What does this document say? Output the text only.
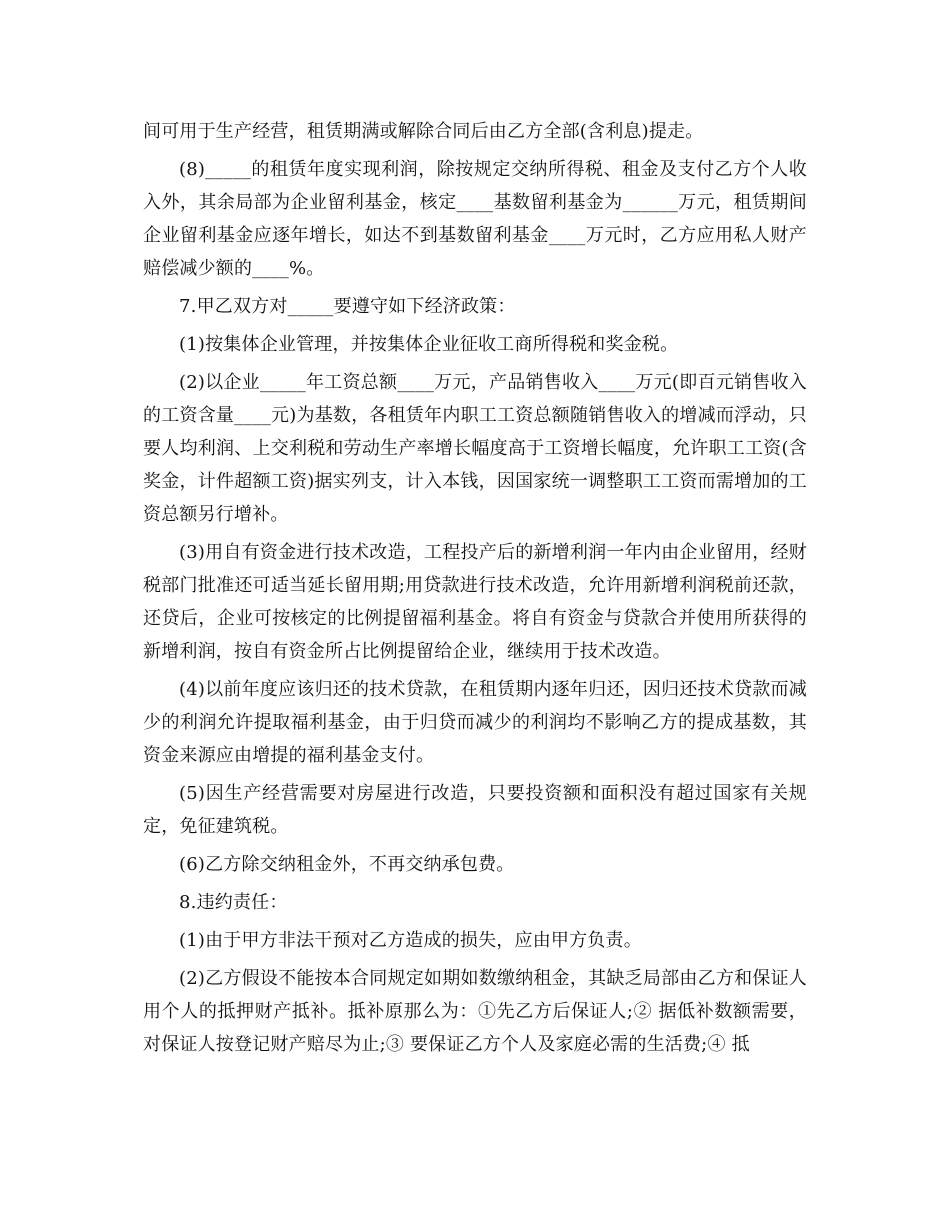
间可用于生产经营，租赁期满或解除合同后由乙方全部(含利息)提走。

(8)_____的租赁年度实现利润，除按规定交纳所得税、租金及支付乙方个人收入外，其余局部为企业留利基金，核定____基数留利基金为______万元，租赁期间企业留利基金应逐年增长，如达不到基数留利基金____万元时，乙方应用私人财产赔偿减少额的____%。

7.甲乙双方对_____要遵守如下经济政策：

(1)按集体企业管理，并按集体企业征收工商所得税和奖金税。

(2)以企业_____年工资总额____万元，产品销售收入____万元(即百元销售收入的工资含量____元)为基数，各租赁年内职工工资总额随销售收入的增减而浮动，只要人均利润、上交利税和劳动生产率增长幅度高于工资增长幅度，允许职工工资(含奖金，计件超额工资)据实列支，计入本钱，因国家统一调整职工工资而需增加的工资总额另行增补。

(3)用自有资金进行技术改造，工程投产后的新增利润一年内由企业留用，经财税部门批准还可适当延长留用期;用贷款进行技术改造，允许用新增利润税前还款，还贷后，企业可按核定的比例提留福利基金。将自有资金与贷款合并使用所获得的新增利润，按自有资金所占比例提留给企业，继续用于技术改造。

(4)以前年度应该归还的技术贷款，在租赁期内逐年归还，因归还技术贷款而减少的利润允许提取福利基金，由于归贷而减少的利润均不影响乙方的提成基数，其资金来源应由增提的福利基金支付。

(5)因生产经营需要对房屋进行改造，只要投资额和面积没有超过国家有关规定，免征建筑税。

(6)乙方除交纳租金外，不再交纳承包费。

8.违约责任：

(1)由于甲方非法干预对乙方造成的损失，应由甲方负责。

(2)乙方假设不能按本合同规定如期如数缴纳租金，其缺乏局部由乙方和保证人用个人的抵押财产抵补。抵补原那么为：①先乙方后保证人;② 据低补数额需要，对保证人按登记财产赔尽为止;③ 要保证乙方个人及家庭必需的生活费;④ 抵
